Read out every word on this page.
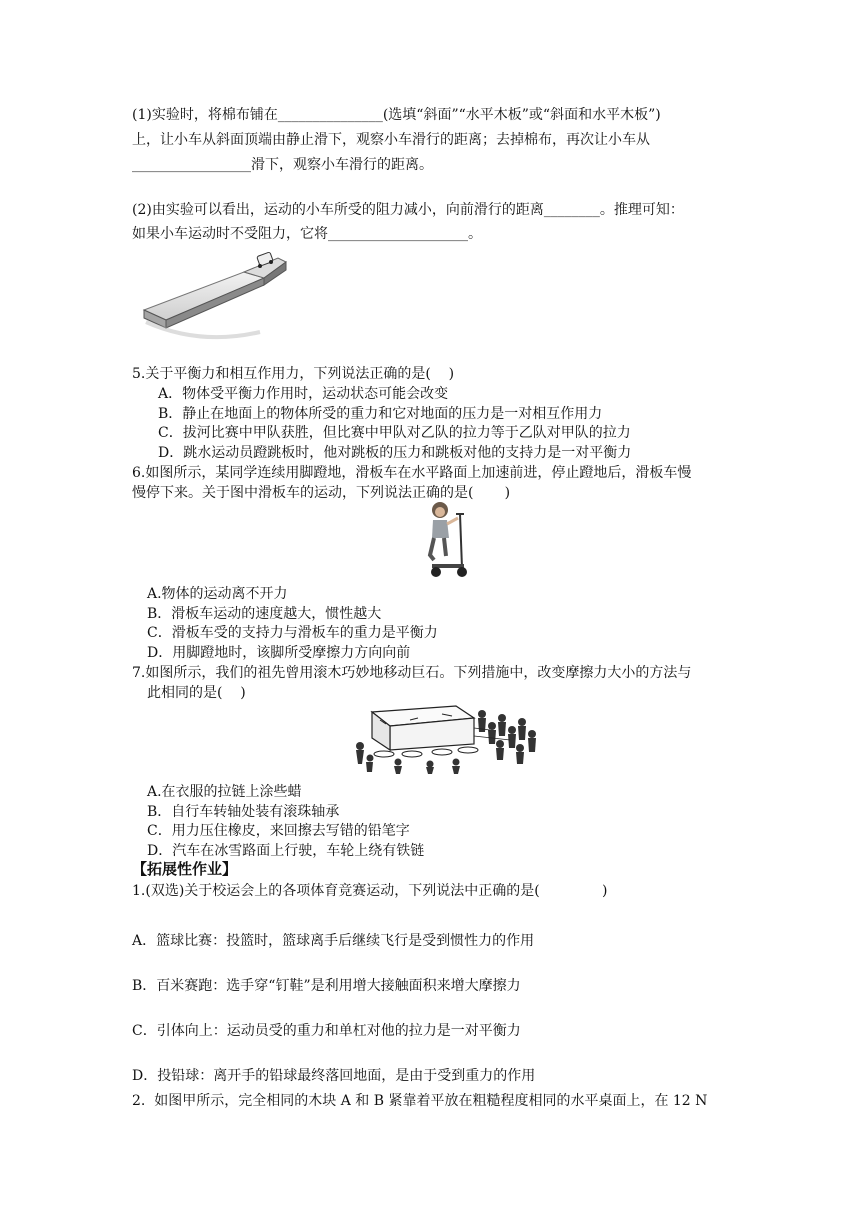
(1)实验时，将棉布铺在_______________(选填“斜面”“水平木板”或“斜面和水平木板”)
上，让小车从斜面顶端由静止滑下，观察小车滑行的距离；去掉棉布，再次让小车从
_________________滑下，观察小车滑行的距离。
(2)由实验可以看出，运动的小车所受的阻力减小，向前滑行的距离________。推理可知：
如果小车运动时不受阻力，它将____________________。
5.关于平衡力和相互作用力，下列说法正确的是(    )
A．物体受平衡力作用时，运动状态可能会改变
B．静止在地面上的物体所受的重力和它对地面的压力是一对相互作用力
C．拔河比赛中甲队获胜，但比赛中甲队对乙队的拉力等于乙队对甲队的拉力
D．跳水运动员蹬跳板时，他对跳板的压力和跳板对他的支持力是一对平衡力
6.如图所示，某同学连续用脚蹬地，滑板车在水平路面上加速前进，停止蹬地后，滑板车慢
慢停下来。关于图中滑板车的运动，下列说法正确的是(       )
A.物体的运动离不开力
B．滑板车运动的速度越大，惯性越大
C．滑板车受的支持力与滑板车的重力是平衡力
D．用脚蹬地时，该脚所受摩擦力方向向前
7.如图所示，我们的祖先曾用滚木巧妙地移动巨石。下列措施中，改变摩擦力大小的方法与
此相同的是(    )
A.在衣服的拉链上涂些蜡
B．自行车转轴处装有滚珠轴承
C．用力压住橡皮，来回擦去写错的铅笔字
D．汽车在冰雪路面上行驶，车轮上绕有铁链
【拓展性作业】
1.(双选)关于校运会上的各项体育竞赛运动，下列说法中正确的是(              )
A．篮球比赛：投篮时，篮球离手后继续飞行是受到惯性力的作用
B．百米赛跑：选手穿“钉鞋”是利用增大接触面积来增大摩擦力
C．引体向上：运动员受的重力和单杠对他的拉力是一对平衡力
D．投铅球：离开手的铅球最终落回地面，是由于受到重力的作用
2.  如图甲所示，完全相同的木块 A 和 B 紧靠着平放在粗糙程度相同的水平桌面上，在 12 N
